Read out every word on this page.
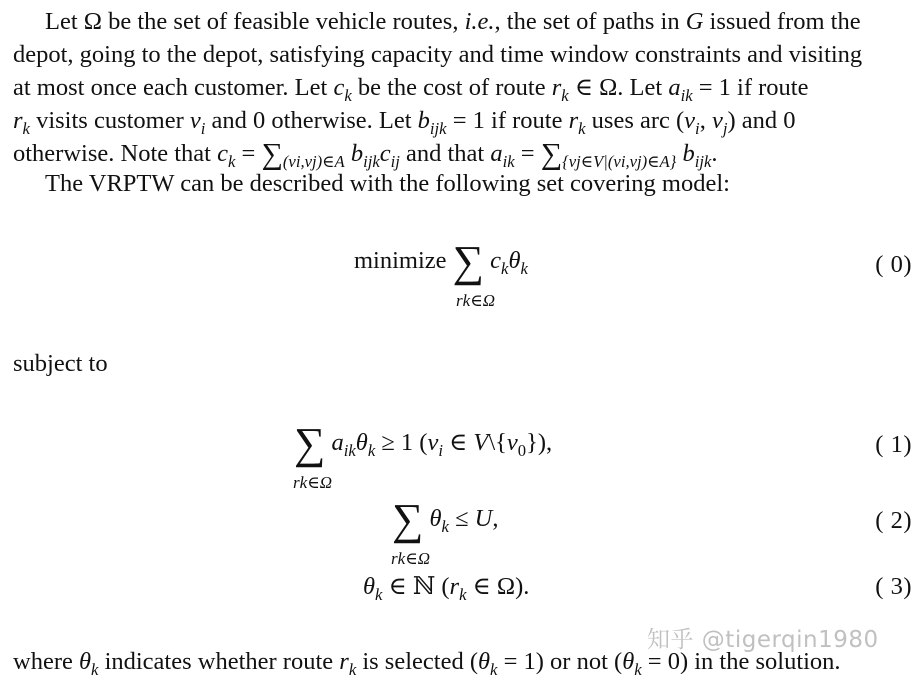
Let Ω be the set of feasible vehicle routes, i.e., the set of paths in G issued from the
depot, going to the depot, satisfying capacity and time window constraints and visiting
at most once each customer. Let $c_k$ be the cost of route $r_k$ ∈ Ω. Let $a_{ik} = 1$ if route
$r_k$ visits customer $v_i$ and 0 otherwise. Let $b_{ijk} = 1$ if route $r_k$ uses arc ($v_i$, $v_j$) and 0
otherwise. Note that $c_k = \sum_{(vi,vj)\in A}$ $b_{ijk}c_{ij}$ and that $a_{ik} = \sum_{\{vj\in V|(vi,vj)\in A\}}$ $b_{ijk}$.
The VRPTW can be described with the following set covering model:
minimize ∑ $c_k\theta_k$
rk∈Ω
( 0)
subject to
∑ $a_{ik}\theta_k \ge 1$ ($v_i$ ∈ $V\backslash\{v_0\}$),
rk∈Ω
( 1)
∑ $\theta_k \le U$,
rk∈Ω
( 2)
$\theta_k$ ∈ ℕ ($r_k$ ∈ Ω).	( 3)
知乎 @tigerqin1980
where $\theta_k$ indicates whether route $r_k$ is selected $(\theta_k = 1)$ or not $(\theta_k = 0)$ in the solution.
